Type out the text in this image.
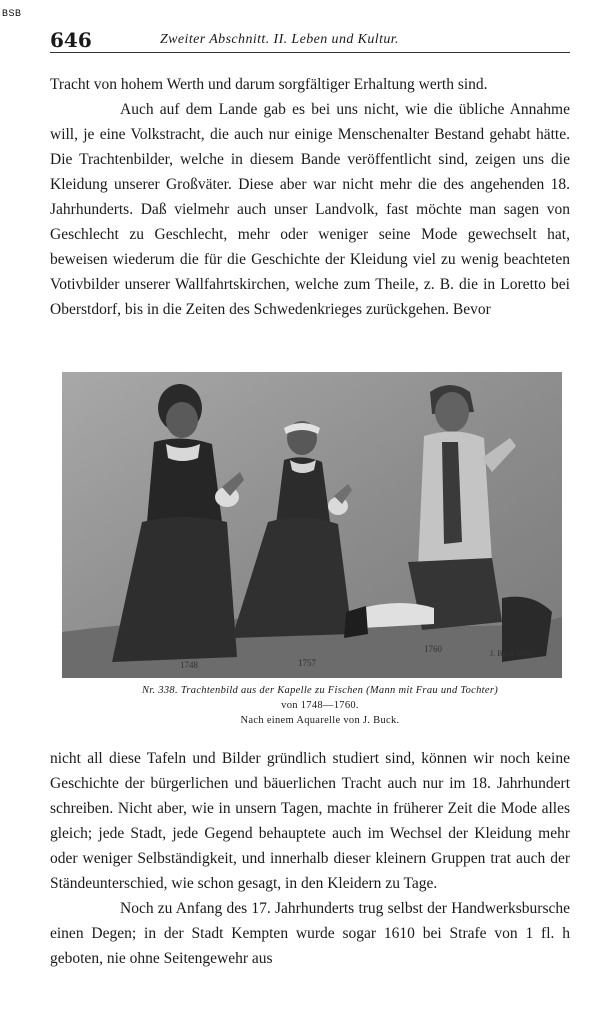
BSB
646	Zweiter Abschnitt. II. Leben und Kultur.

Tracht von hohem Werth und darum sorgfältiger Erhaltung werth sind.

Auch auf dem Lande gab es bei uns nicht, wie die übliche Annahme will, je eine Volkstracht, die auch nur einige Menschenalter Bestand gehabt hätte. Die Trachtenbilder, welche in diesem Bande veröffentlicht sind, zeigen uns die Kleidung unserer Großväter. Diese aber war nicht mehr die des angehenden 18. Jahrhunderts. Daß vielmehr auch unser Landvolk, fast möchte man sagen von Geschlecht zu Geschlecht, mehr oder weniger seine Mode gewechselt hat, beweisen wiederum die für die Geschichte der Kleidung viel zu wenig beachteten Votivbilder unserer Wallfahrtskirchen, welche zum Theile, z. B. die in Loretto bei Oberstdorf, bis in die Zeiten des Schwedenkrieges zurückgehen. Bevor

1748	1757
1760	J. Buck 1896
Nr. 338. Trachtenbild aus der Kapelle zu Fischen (Mann mit Frau und Tochter)
von 1748—1760.
Nach einem Aquarelle von J. Buck.

nicht all diese Tafeln und Bilder gründlich studiert sind, können wir noch keine Geschichte der bürgerlichen und bäuerlichen Tracht auch nur im 18. Jahrhundert schreiben. Nicht aber, wie in unsern Tagen, machte in früherer Zeit die Mode alles gleich; jede Stadt, jede Gegend behauptete auch im Wechsel der Kleidung mehr oder weniger Selbständigkeit, und innerhalb dieser kleinern Gruppen trat auch der Ständeunterschied, wie schon gesagt, in den Kleidern zu Tage.

Noch zu Anfang des 17. Jahrhunderts trug selbst der Handwerksbursche einen Degen; in der Stadt Kempten wurde sogar 1610 bei Strafe von 1 fl. h geboten, nie ohne Seitengewehr aus
